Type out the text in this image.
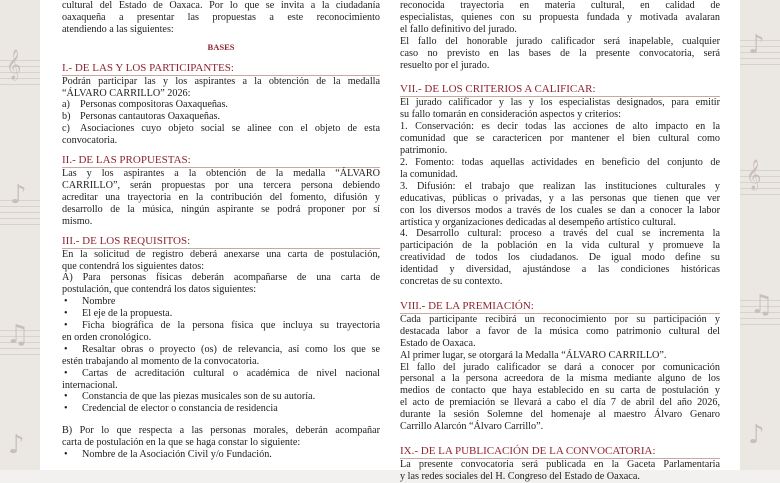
𝄞
♪
♫
♪
𝄞
♫
♪
♪
cultural del Estado de Oaxaca. Por lo que se invita a la ciudadanía
oaxaqueña a presentar las propuestas a este reconocimiento
atendiendo a las siguientes:
BASES
I.- DE LAS Y LOS PARTICIPANTES:
Podrán participar las y los aspirantes a la obtención de la medalla
“ÁLVARO CARRILLO” 2026:
a) Personas compositoras Oaxaqueñas.
b) Personas cantautoras Oaxaqueñas.
c) Asociaciones cuyo objeto social se alinee con el objeto de esta
convocatoria.
II.- DE LAS PROPUESTAS:
Las y los aspirantes a la obtención de la medalla “ÁLVARO
CARRILLO”, serán propuestas por una tercera persona debiendo
acreditar una trayectoria en la contribución del fomento, difusión y
desarrollo de la música, ningún aspirante se podrá proponer por sí
mismo.
III.- DE LOS REQUISITOS:
En la solicitud de registro deberá anexarse una carta de postulación,
que contendrá los siguientes datos:
A) Para personas físicas deberán acompañarse de una carta de
postulación, que contendrá los datos siguientes:
• Nombre
• El eje de la propuesta.
• Ficha biográfica de la persona física que incluya su trayectoria
en orden cronológico.
• Resaltar obras o proyecto (os) de relevancia, así como los que se
estén trabajando al momento de la convocatoria.
• Cartas de acreditación cultural o académica de nivel nacional
internacional.
• Constancia de que las piezas musicales son de su autoría.
• Credencial de elector o constancia de residencia
B) Por lo que respecta a las personas morales, deberán acompañar
carta de postulación en la que se haga constar lo siguiente:
• Nombre de la Asociación Civil y/o Fundación.
reconocida trayectoria en materia cultural, en calidad de
especialistas, quienes con su propuesta fundada y motivada avalaran
el fallo definitivo del jurado.
El fallo del honorable jurado calificador será inapelable, cualquier
caso no previsto en las bases de la presente convocatoria, será
resuelto por el jurado.
VII.- DE LOS CRITERIOS A CALIFICAR:
El jurado calificador y las y los especialistas designados, para emitir
su fallo tomarán en consideración aspectos y criterios:
1. Conservación: es decir todas las acciones de alto impacto en la
comunidad que se caractericen por mantener el bien cultural como
patrimonio.
2. Fomento: todas aquellas actividades en beneficio del conjunto de
la comunidad.
3. Difusión: el trabajo que realizan las instituciones culturales y
educativas, públicas o privadas, y a las personas que tienen que ver
con los diversos modos a través de los cuales se dan a conocer la labor
artística y organizaciones dedicadas al desempeño artístico cultural.
4. Desarrollo cultural: proceso a través del cual se incrementa la
participación de la población en la vida cultural y promueve la
creatividad de todos los ciudadanos. De igual modo define su
identidad y diversidad, ajustándose a las condiciones históricas
concretas de su contexto.
VIII.- DE LA PREMIACIÓN:
Cada participante recibirá un reconocimiento por su participación y
destacada labor a favor de la música como patrimonio cultural del
Estado de Oaxaca.
Al primer lugar, se otorgará la Medalla “ÁLVARO CARRILLO”.
El fallo del jurado calificador se dará a conocer por comunicación
personal a la persona acreedora de la misma mediante alguno de los
medios de contacto que haya establecido en su carta de postulación y
el acto de premiación se llevará a cabo el día 7 de abril del año 2026,
durante la sesión Solemne del homenaje al maestro Álvaro Genaro
Carrillo Alarcón “Álvaro Carrillo”.
IX.- DE LA PUBLICACIÓN DE LA CONVOCATORIA:
La presente convocatoria será publicada en la Gaceta Parlamentaria
y las redes sociales del H. Congreso del Estado de Oaxaca.
